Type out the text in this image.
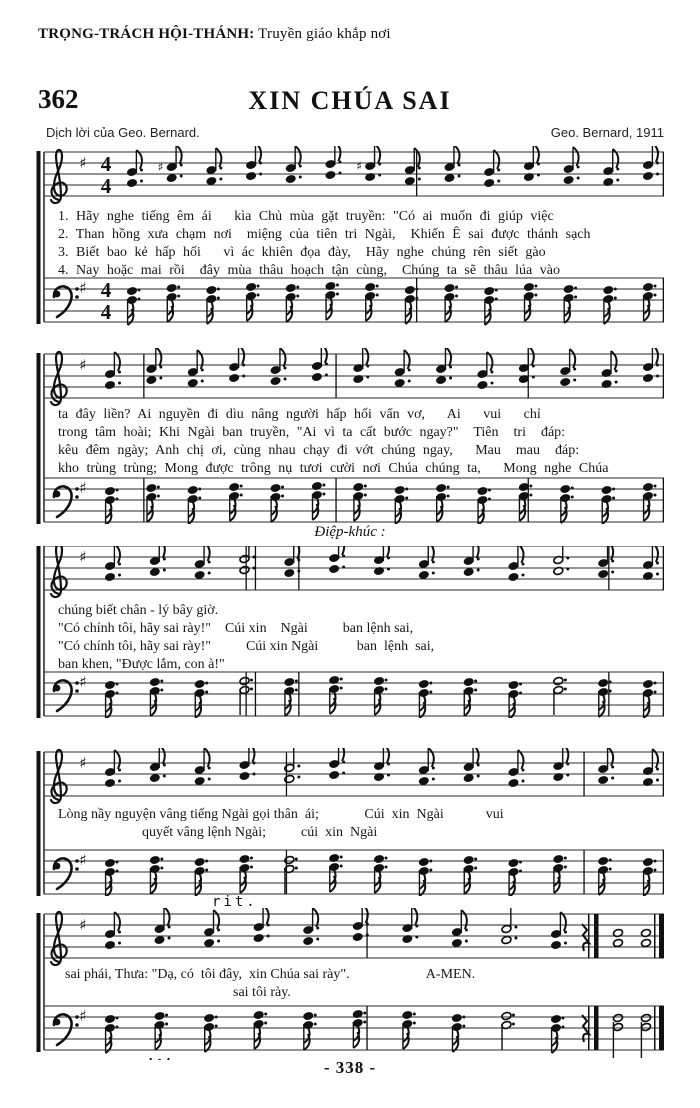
TRỌNG-TRÁCH HỘI-THÁNH: Truyền giáo khắp nơi
362	XIN CHÚA SAI
Dịch lời của Geo. Bernard.	Geo. Bernard, 1911
♯
♯
4
4
4
4
♯	♯
1. Hãy nghe tiếng êm ái   kìa Chủ mùa gặt truyền: "Có ai muốn đi giúp việc
2. Than hồng xưa chạm nơi  miệng của tiên tri Ngài,  Khiến Ê sai được thánh sạch
3. Biết bao kẻ hấp hối   vì ác khiên đọa đày,  Hãy nghe chúng rên siết gào
4. Nay hoặc mai rồi  đây mùa thâu hoạch tận cùng,  Chúng ta sẽ thâu lúa vào
♯
♯
ta đây liền? Ai nguyền đi dìu nâng người hấp hối vẩn vơ,   Ai   vui   chỉ
trong tâm hoài; Khi Ngài ban truyền, "Ai vì ta cất bước ngay?"  Tiên  tri  đáp:
kêu đêm ngày; Anh chị ơi, cùng nhau chạy đi vớt chúng ngay,   Mau  mau  đáp:
kho trùng trùng; Mong được trông nụ tươi cười nơi Chúa chúng ta,   Mong nghe Chúa
Điệp-khúc :
♯
♯
chúng biết chân - lý bây giờ.
"Có chính tôi, hãy sai rày!"    Cúi xin    Ngài          ban lệnh sai,
"Có chính tôi, hãy sai rày!"          Cúi xin Ngài           ban  lệnh  sai,
ban khen, "Được lắm, con à!"
♯
♯
Lòng nầy nguyện vâng tiếng Ngài gọi thân  ái;             Cúi  xin  Ngài            vui
quyết vâng lệnh Ngài;          cúi  xin  Ngài
rit.
♯
♯
sai phái, Thưa: "Dạ, có  tôi đây,  xin Chúa sai rày".                      A-MEN.
sai tôi rày.
- 338 -
